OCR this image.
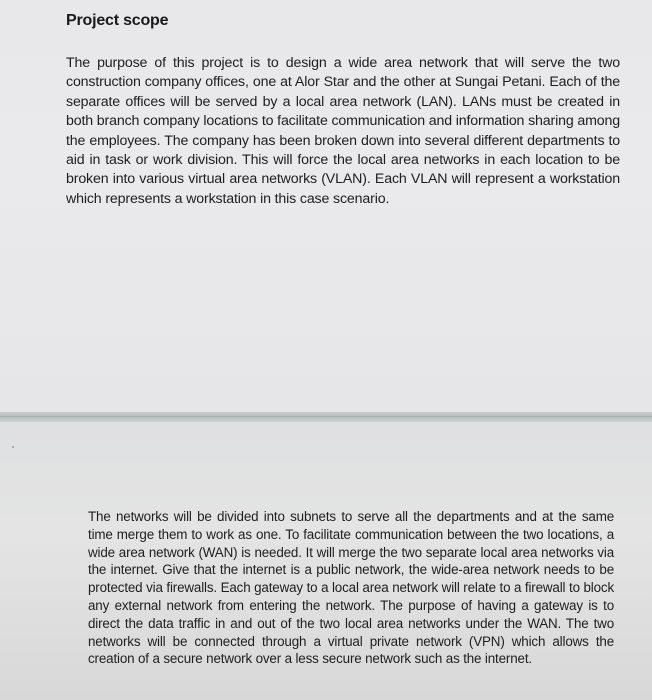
Project scope

The purpose of this project is to design a wide area network that will serve the two construction company offices, one at Alor Star and the other at Sungai Petani. Each of the separate offices will be served by a local area network (LAN). LANs must be created in both branch company locations to facilitate communication and information sharing among the employees. The company has been broken down into several different departments to aid in task or work division. This will force the local area networks in each location to be broken into various virtual area networks (VLAN). Each VLAN will represent a workstation which represents a workstation in this case scenario.

The networks will be divided into subnets to serve all the departments and at the same time merge them to work as one. To facilitate communication between the two locations, a wide area network (WAN) is needed. It will merge the two separate local area networks via the internet. Give that the internet is a public network, the wide-area network needs to be protected via firewalls. Each gateway to a local area network will relate to a firewall to block any external network from entering the network. The purpose of having a gateway is to direct the data traffic in and out of the two local area networks under the WAN. The two networks will be connected through a virtual private network (VPN) which allows the creation of a secure network over a less secure network such as the internet.
